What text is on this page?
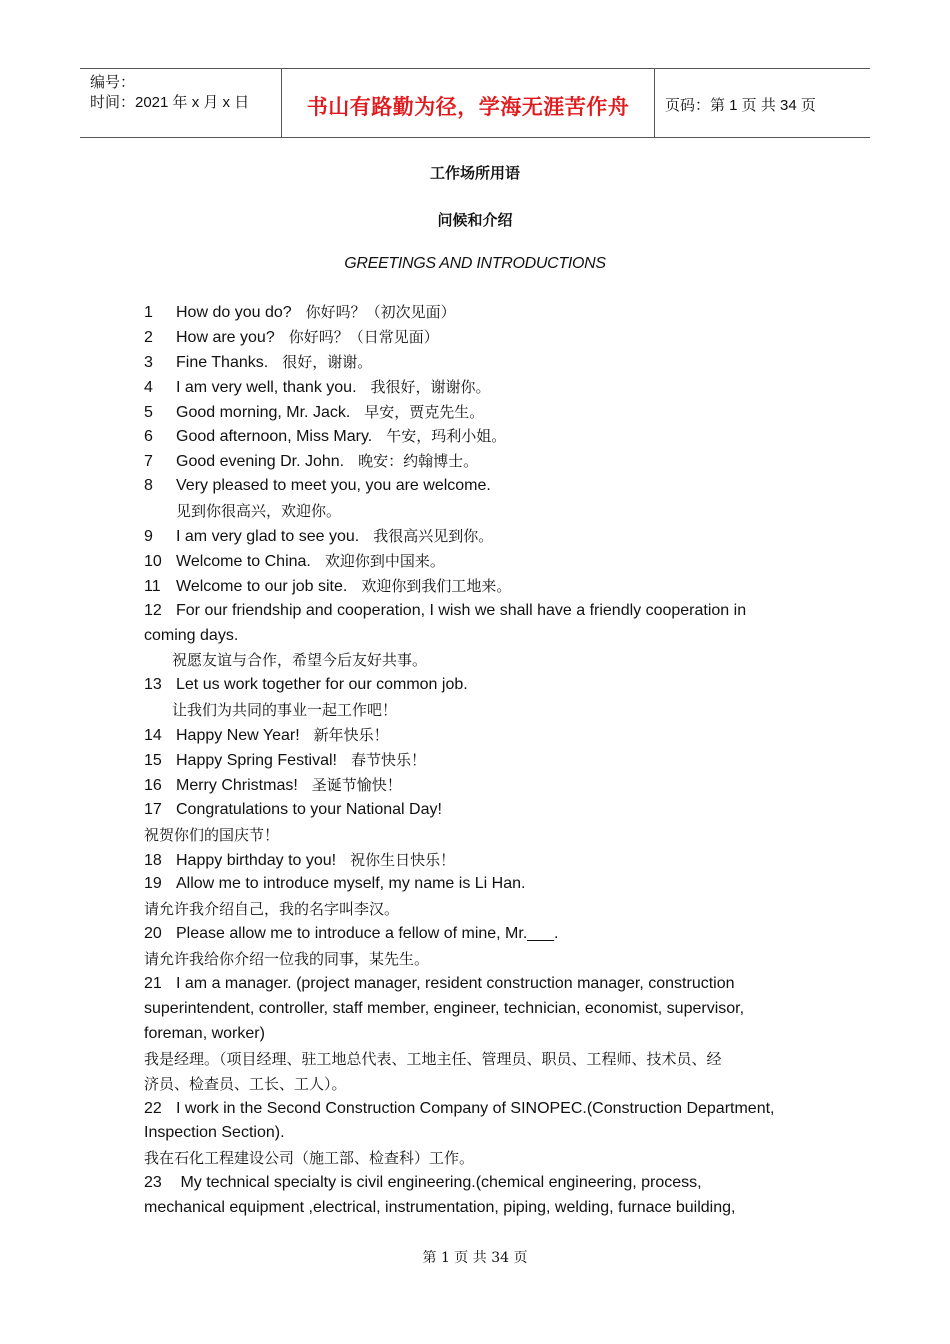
编号：
时间：2021 年 x 月 x 日	书山有路勤为径，学海无涯苦作舟	页码：第 1 页 共 34 页
工作场所用语
问候和介绍
GREETINGS AND INTRODUCTIONS
1 How do you do? 你好吗？（初次见面）
2 How are you? 你好吗？（日常见面）
3 Fine Thanks. 很好，谢谢。
4 I am very well, thank you. 我很好，谢谢你。
5 Good morning, Mr. Jack. 早安，贾克先生。
6 Good afternoon, Miss Mary. 午安，玛利小姐。
7 Good evening Dr. John. 晚安：约翰博士。
8 Very pleased to meet you, you are welcome.
见到你很高兴，欢迎你。
9 I am very glad to see you. 我很高兴见到你。
10 Welcome to China. 欢迎你到中国来。
11 Welcome to our job site. 欢迎你到我们工地来。
12 For our friendship and cooperation, I wish we shall have a friendly cooperation in
coming days.
祝愿友谊与合作，希望今后友好共事。
13 Let us work together for our common job.
让我们为共同的事业一起工作吧！
14 Happy New Year! 新年快乐！
15 Happy Spring Festival! 春节快乐！
16 Merry Christmas! 圣诞节愉快！
17 Congratulations to your National Day!
祝贺你们的国庆节！
18 Happy birthday to you! 祝你生日快乐！
19 Allow me to introduce myself, my name is Li Han.
请允许我介绍自己，我的名字叫李汉。
20 Please allow me to introduce a fellow of mine, Mr.___.
请允许我给你介绍一位我的同事，某先生。
21 I am a manager. (project manager, resident construction manager, construction
superintendent, controller, staff member, engineer, technician, economist, supervisor,
foreman, worker)
我是经理。（项目经理、驻工地总代表、工地主任、管理员、职员、工程师、技术员、经
济员、检查员、工长、工人）。
22 I work in the Second Construction Company of SINOPEC.(Construction Department,
Inspection Section).
我在石化工程建设公司（施工部、检查科）工作。
23 My technical specialty is civil engineering.(chemical engineering, process,
mechanical equipment ,electrical, instrumentation, piping, welding, furnace building,
第 1 页 共 34 页
